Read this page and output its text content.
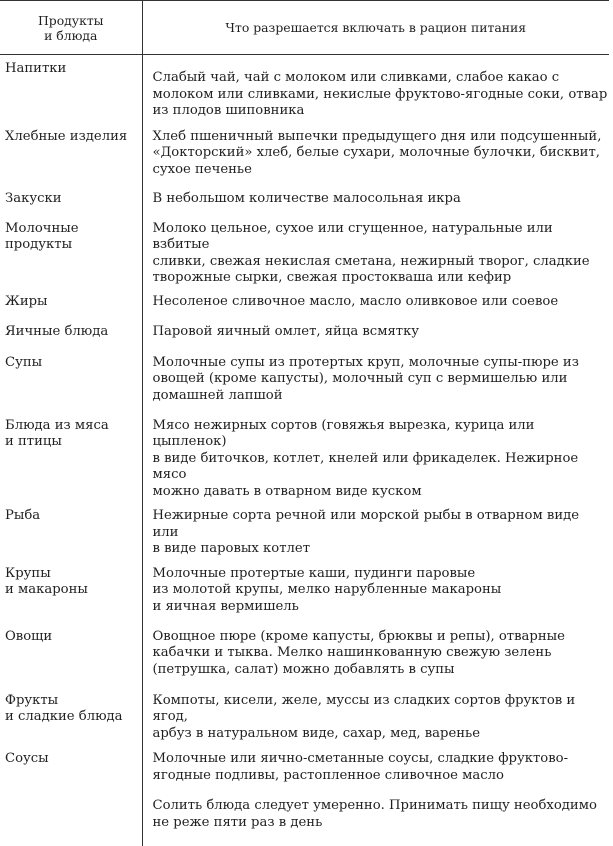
Продукты
и блюда	Что разрешается включать в рацион питания
Напитки	Слабый чай, чай с молоком или сливками, слабое какао с
молоком или сливками, некислые фруктово-ягодные соки, отвар
из плодов шиповника
Хлебные изделия	Хлеб пшеничный выпечки предыдущего дня или подсушенный,
«Докторский» хлеб, белые сухари, молочные булочки, бисквит,
сухое печенье
Закуски	В небольшом количестве малосольная икра
Молочные
продукты	Молоко цельное, сухое или сгущенное, натуральные или взбитые
сливки, свежая некислая сметана, нежирный творог, сладкие
творожные сырки, свежая простокваша или кефир
Жиры	Несоленое сливочное масло, масло оливковое или соевое
Яичные блюда	Паровой яичный омлет, яйца всмятку
Супы	Молочные супы из протертых круп, молочные супы-пюре из
овощей (кроме капусты), молочный суп с вермишелью или
домашней лапшой
Блюда из мяса
и птицы	Мясо нежирных сортов (говяжья вырезка, курица или цыпленок)
в виде биточков, котлет, кнелей или фрикаделек. Нежирное мясо
можно давать в отварном виде куском
Рыба	Нежирные сорта речной или морской рыбы в отварном виде или
в виде паровых котлет
Крупы
и макароны	Молочные протертые каши, пудинги паровые
из молотой крупы, мелко нарубленные макароны
и яичная вермишель
Овощи	Овощное пюре (кроме капусты, брюквы и репы), отварные
кабачки и тыква. Мелко нашинкованную свежую зелень
(петрушка, салат) можно добавлять в супы
Фрукты
и сладкие блюда	Компоты, кисели, желе, муссы из сладких сортов фруктов и ягод,
арбуз в натуральном виде, сахар, мед, варенье
Соусы	Молочные или яично-сметанные соусы, сладкие фруктово-
ягодные подливы, растопленное сливочное масло
	Солить блюда следует умеренно. Принимать пищу необходимо
не реже пяти раз в день
